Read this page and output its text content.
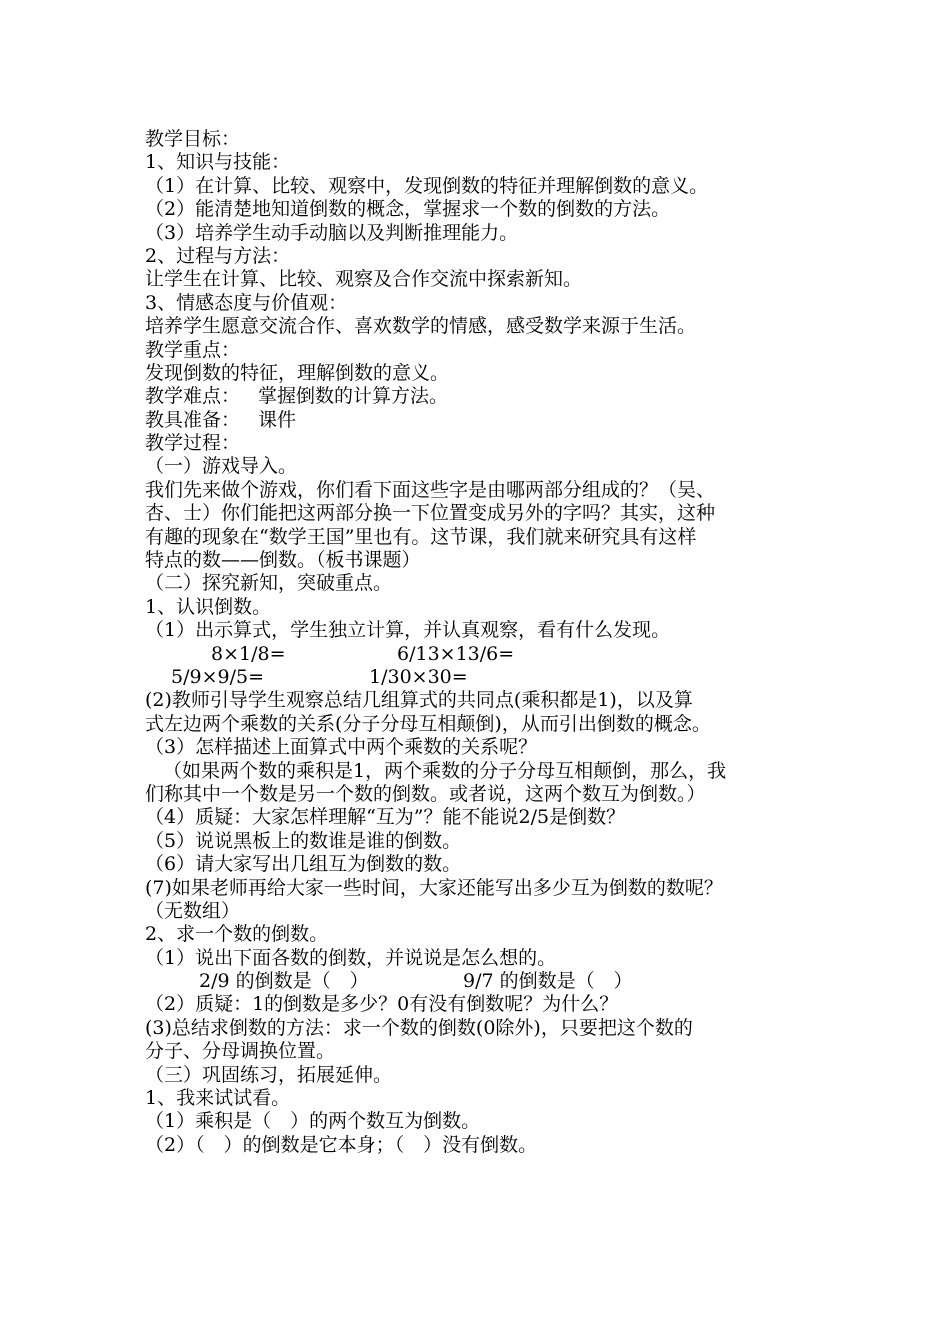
教学目标：
1、知识与技能：
（1）在计算、比较、观察中，发现倒数的特征并理解倒数的意义。
（2）能清楚地知道倒数的概念，掌握求一个数的倒数的方法。
（3）培养学生动手动脑以及判断推理能力。
2、过程与方法：
让学生在计算、比较、观察及合作交流中探索新知。
3、情感态度与价值观：
培养学生愿意交流合作、喜欢数学的情感，感受数学来源于生活。
教学重点：
发现倒数的特征，理解倒数的意义。
教学难点： 掌握倒数的计算方法。
教具准备： 课件
教学过程：
（一）游戏导入。
我们先来做个游戏，你们看下面这些字是由哪两部分组成的？（吴、
杏、士）你们能把这两部分换一下位置变成另外的字吗？其实，这种
有趣的现象在“数学王国”里也有。这节课，我们就来研究具有这样
特点的数——倒数。（板书课题）
（二）探究新知，突破重点。
1、认识倒数。
（1）出示算式，学生独立计算，并认真观察，看有什么发现。
8×1/8=	6/13×13/6=
5/9×9/5=	1/30×30=
(2)教师引导学生观察总结几组算式的共同点(乘积都是1)，以及算
式左边两个乘数的关系(分子分母互相颠倒)，从而引出倒数的概念。
（3）怎样描述上面算式中两个乘数的关系呢？
（如果两个数的乘积是1，两个乘数的分子分母互相颠倒，那么，我
们称其中一个数是另一个数的倒数。或者说，这两个数互为倒数。）
（4）质疑：大家怎样理解“互为”？能不能说2/5是倒数？
（5）说说黑板上的数谁是谁的倒数。
（6）请大家写出几组互为倒数的数。
(7)如果老师再给大家一些时间，大家还能写出多少互为倒数的数呢？
（无数组）
2、求一个数的倒数。
（1）说出下面各数的倒数，并说说是怎么想的。
2/9 的倒数是（　）	9/7 的倒数是（　）
（2）质疑：1的倒数是多少？0有没有倒数呢？为什么？
(3)总结求倒数的方法：求一个数的倒数(0除外)，只要把这个数的
分子、分母调换位置。
（三）巩固练习，拓展延伸。
1、我来试试看。
（1）乘积是（　）的两个数互为倒数。
（2）（　）的倒数是它本身；（　）没有倒数。
